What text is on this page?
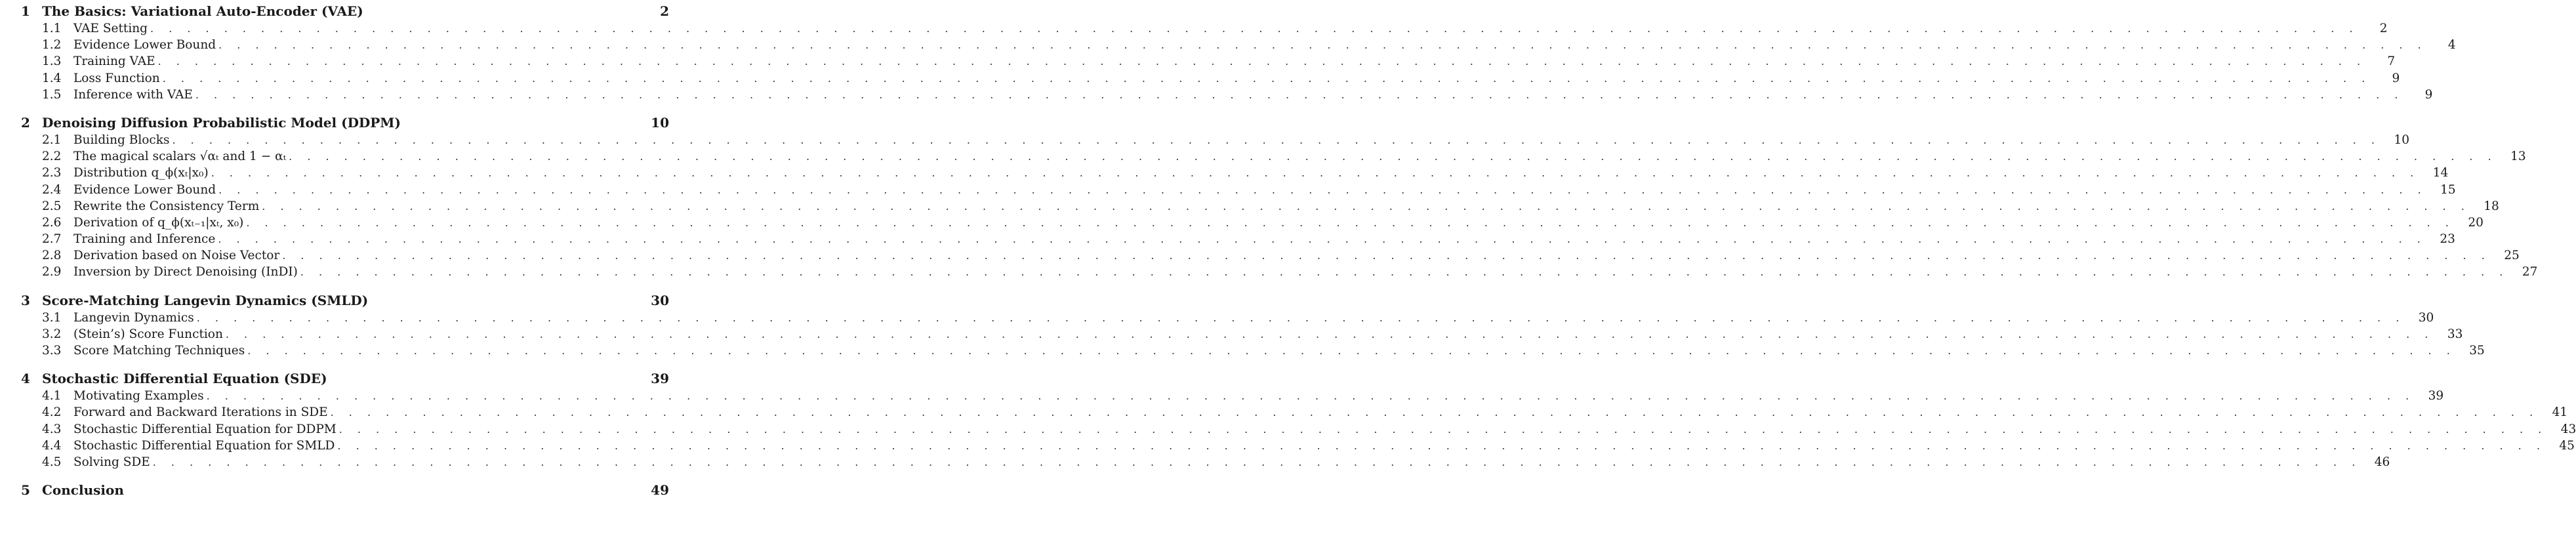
1 The Basics: Variational Auto-Encoder (VAE)	2
1.1	VAE Setting . . . . . . . . . . . . . . . . . . . . . . . . . . . . . . . . . . . . . . . . . . . . . . . . . . . . . . . . . . . . . . . . . . . . . . . . . . . . . . . . . . . . . . . . . . . . . . . . . . . . . . . . . . . . . . . . . . . . . . . .	2
1.2	Evidence Lower Bound . . . . . . . . . . . . . . . . . . . . . . . . . . . . . . . . . . . . . . . . . . . . . . . . . . . . . . . . . . . . . . . . . . . . . . . . . . . . . . . . . . . . . . . . . . . . . . . . . . . . . . . . . . . . . . . . . . . . . . . .	4
1.3	Training VAE . . . . . . . . . . . . . . . . . . . . . . . . . . . . . . . . . . . . . . . . . . . . . . . . . . . . . . . . . . . . . . . . . . . . . . . . . . . . . . . . . . . . . . . . . . . . . . . . . . . . . . . . . . . . . . . . . . . . . . . .	7
1.4	Loss Function . . . . . . . . . . . . . . . . . . . . . . . . . . . . . . . . . . . . . . . . . . . . . . . . . . . . . . . . . . . . . . . . . . . . . . . . . . . . . . . . . . . . . . . . . . . . . . . . . . . . . . . . . . . . . . . . . . . . . . . .	9
1.5	Inference with VAE . . . . . . . . . . . . . . . . . . . . . . . . . . . . . . . . . . . . . . . . . . . . . . . . . . . . . . . . . . . . . . . . . . . . . . . . . . . . . . . . . . . . . . . . . . . . . . . . . . . . . . . . . . . . . . . . . . . . . . . .	9
2 Denoising Diffusion Probabilistic Model (DDPM)	10
2.1	Building Blocks . . . . . . . . . . . . . . . . . . . . . . . . . . . . . . . . . . . . . . . . . . . . . . . . . . . . . . . . . . . . . . . . . . . . . . . . . . . . . . . . . . . . . . . . . . . . . . . . . . . . . . . . . . . . . . . . . . . . . . . .	10
2.2	The magical scalars √αₜ and 1 − αₜ . . . . . . . . . . . . . . . . . . . . . . . . . . . . . . . . . . . . . . . . . . . . . . . . . . . . . . . . . . . . . . . . . . . . . . . . . . . . . . . . . . . . . . . . . . . . . . . . . . . . . . . . . . . . . . . . . . . . . . . .	13
2.3	Distribution q_ϕ(xₜ|x₀) . . . . . . . . . . . . . . . . . . . . . . . . . . . . . . . . . . . . . . . . . . . . . . . . . . . . . . . . . . . . . . . . . . . . . . . . . . . . . . . . . . . . . . . . . . . . . . . . . . . . . . . . . . . . . . . . . . . . . . . .	14
2.4	Evidence Lower Bound . . . . . . . . . . . . . . . . . . . . . . . . . . . . . . . . . . . . . . . . . . . . . . . . . . . . . . . . . . . . . . . . . . . . . . . . . . . . . . . . . . . . . . . . . . . . . . . . . . . . . . . . . . . . . . . . . . . . . . . .	15
2.5	Rewrite the Consistency Term . . . . . . . . . . . . . . . . . . . . . . . . . . . . . . . . . . . . . . . . . . . . . . . . . . . . . . . . . . . . . . . . . . . . . . . . . . . . . . . . . . . . . . . . . . . . . . . . . . . . . . . . . . . . . . . . . . . . . . . .	18
2.6	Derivation of q_ϕ(xₜ₋₁|xₜ, x₀) . . . . . . . . . . . . . . . . . . . . . . . . . . . . . . . . . . . . . . . . . . . . . . . . . . . . . . . . . . . . . . . . . . . . . . . . . . . . . . . . . . . . . . . . . . . . . . . . . . . . . . . . . . . . . . . . . . . . . . . .	20
2.7	Training and Inference . . . . . . . . . . . . . . . . . . . . . . . . . . . . . . . . . . . . . . . . . . . . . . . . . . . . . . . . . . . . . . . . . . . . . . . . . . . . . . . . . . . . . . . . . . . . . . . . . . . . . . . . . . . . . . . . . . . . . . . .	23
2.8	Derivation based on Noise Vector . . . . . . . . . . . . . . . . . . . . . . . . . . . . . . . . . . . . . . . . . . . . . . . . . . . . . . . . . . . . . . . . . . . . . . . . . . . . . . . . . . . . . . . . . . . . . . . . . . . . . . . . . . . . . . . . . . . . . . . .	25
2.9	Inversion by Direct Denoising (InDI) . . . . . . . . . . . . . . . . . . . . . . . . . . . . . . . . . . . . . . . . . . . . . . . . . . . . . . . . . . . . . . . . . . . . . . . . . . . . . . . . . . . . . . . . . . . . . . . . . . . . . . . . . . . . . . . . . . . . . . . .	27
3 Score-Matching Langevin Dynamics (SMLD)	30
3.1	Langevin Dynamics . . . . . . . . . . . . . . . . . . . . . . . . . . . . . . . . . . . . . . . . . . . . . . . . . . . . . . . . . . . . . . . . . . . . . . . . . . . . . . . . . . . . . . . . . . . . . . . . . . . . . . . . . . . . . . . . . . . . . . . .	30
3.2	(Stein’s) Score Function . . . . . . . . . . . . . . . . . . . . . . . . . . . . . . . . . . . . . . . . . . . . . . . . . . . . . . . . . . . . . . . . . . . . . . . . . . . . . . . . . . . . . . . . . . . . . . . . . . . . . . . . . . . . . . . . . . . . . . . .	33
3.3	Score Matching Techniques . . . . . . . . . . . . . . . . . . . . . . . . . . . . . . . . . . . . . . . . . . . . . . . . . . . . . . . . . . . . . . . . . . . . . . . . . . . . . . . . . . . . . . . . . . . . . . . . . . . . . . . . . . . . . . . . . . . . . . . .	35
4 Stochastic Differential Equation (SDE)	39
4.1	Motivating Examples . . . . . . . . . . . . . . . . . . . . . . . . . . . . . . . . . . . . . . . . . . . . . . . . . . . . . . . . . . . . . . . . . . . . . . . . . . . . . . . . . . . . . . . . . . . . . . . . . . . . . . . . . . . . . . . . . . . . . . . .	39
4.2	Forward and Backward Iterations in SDE . . . . . . . . . . . . . . . . . . . . . . . . . . . . . . . . . . . . . . . . . . . . . . . . . . . . . . . . . . . . . . . . . . . . . . . . . . . . . . . . . . . . . . . . . . . . . . . . . . . . . . . . . . . . . . . . . . . . . . . .	41
4.3	Stochastic Differential Equation for DDPM . . . . . . . . . . . . . . . . . . . . . . . . . . . . . . . . . . . . . . . . . . . . . . . . . . . . . . . . . . . . . . . . . . . . . . . . . . . . . . . . . . . . . . . . . . . . . . . . . . . . . . . . . . . . . . . . . . . . . . . .	43
4.4	Stochastic Differential Equation for SMLD . . . . . . . . . . . . . . . . . . . . . . . . . . . . . . . . . . . . . . . . . . . . . . . . . . . . . . . . . . . . . . . . . . . . . . . . . . . . . . . . . . . . . . . . . . . . . . . . . . . . . . . . . . . . . . . . . . . . . . . .	45
4.5	Solving SDE . . . . . . . . . . . . . . . . . . . . . . . . . . . . . . . . . . . . . . . . . . . . . . . . . . . . . . . . . . . . . . . . . . . . . . . . . . . . . . . . . . . . . . . . . . . . . . . . . . . . . . . . . . . . . . . . . . . . . . . .	46
5 Conclusion	49
